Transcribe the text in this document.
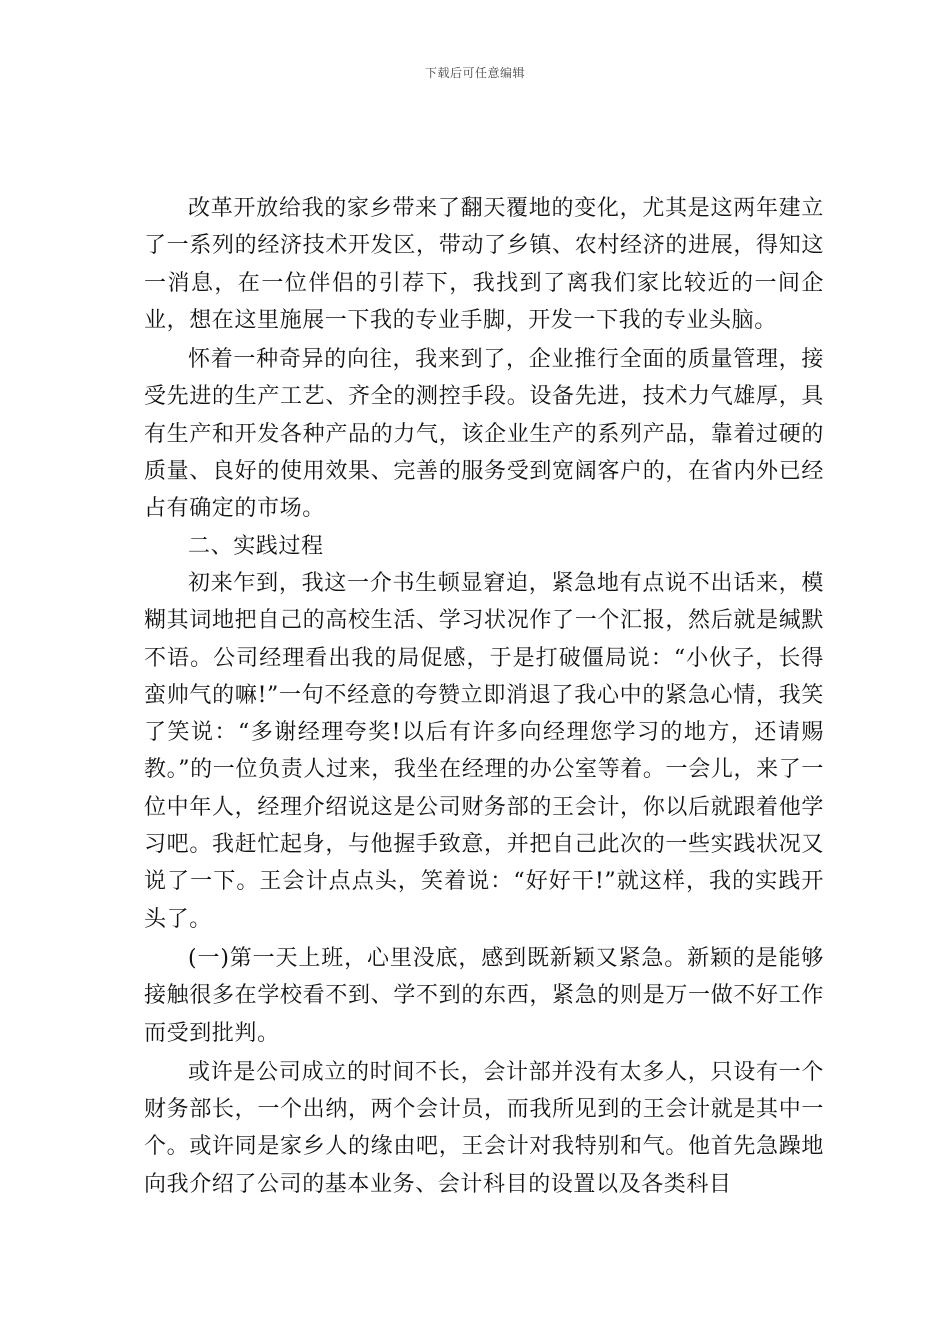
下载后可任意编辑

改革开放给我的家乡带来了翻天覆地的变化，尤其是这两年建立了一系列的经济技术开发区，带动了乡镇、农村经济的进展，得知这一消息，在一位伴侣的引荐下，我找到了离我们家比较近的一间企业，想在这里施展一下我的专业手脚，开发一下我的专业头脑。

怀着一种奇异的向往，我来到了，企业推行全面的质量管理，接受先进的生产工艺、齐全的测控手段。设备先进，技术力气雄厚，具有生产和开发各种产品的力气，该企业生产的系列产品，靠着过硬的质量、良好的使用效果、完善的服务受到宽阔客户的，在省内外已经占有确定的市场。

二、实践过程

初来乍到，我这一介书生顿显窘迫，紧急地有点说不出话来，模糊其词地把自己的高校生活、学习状况作了一个汇报，然后就是缄默不语。公司经理看出我的局促感，于是打破僵局说：“小伙子，长得蛮帅气的嘛!”一句不经意的夸赞立即消退了我心中的紧急心情，我笑了笑说：“多谢经理夸奖!以后有许多向经理您学习的地方，还请赐教。”的一位负责人过来，我坐在经理的办公室等着。一会儿，来了一位中年人，经理介绍说这是公司财务部的王会计，你以后就跟着他学习吧。我赶忙起身，与他握手致意，并把自己此次的一些实践状况又说了一下。王会计点点头，笑着说：“好好干!”就这样，我的实践开头了。

(一)第一天上班，心里没底，感到既新颖又紧急。新颖的是能够接触很多在学校看不到、学不到的东西，紧急的则是万一做不好工作而受到批判。

或许是公司成立的时间不长，会计部并没有太多人，只设有一个财务部长，一个出纳，两个会计员，而我所见到的王会计就是其中一个。或许同是家乡人的缘由吧，王会计对我特别和气。他首先急躁地向我介绍了公司的基本业务、会计科目的设置以及各类科目
